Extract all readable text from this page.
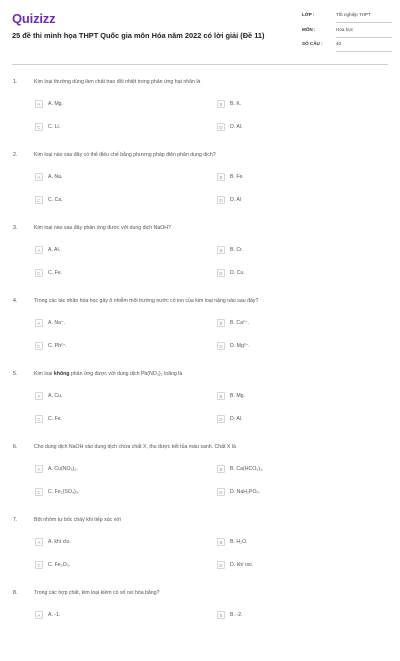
Quizizz
25 đề thi minh họa THPT Quốc gia môn Hóa năm 2022 có lời giải (Đề 11)
LỚP :	Tốt nghiệp THPT
MÔN :	Hóa học
SỐ CÂU :	40
1.	Kim loại thường dùng làm chất trao đổi nhiệt trong phản ứng hạt nhân là
A	A. Mg.	B	B. K.
C	C. Li.	D	D. Al.
2.	Kim loại nào sau đây có thể điều chế bằng phương pháp điện phân dung dịch?
A	A. Na.	B	B. Fe.
C	C. Ca.	D	D. Al
3.	Kim loại nào sau đây phản ứng được với dung dịch NaOH?
A	A. Al.	B	B. Cr.
C	C. Fe.	D	D. Cu.
4.	Trong các tác nhân hóa học gây ô nhiễm môi trường nước có ion của kim loại nặng nào sau đây?
A	A. Na⁺.	B	B. Ca²⁺.
C	C. Pb²⁺.	D	D. Mg²⁺.
5.	Kim loại không phản ứng được với dung dịch Pb(NO₃)₂ loãng là
A	A. Cu.	B	B. Mg.
C	C. Fe.	D	D. Al.
6.	Cho dung dịch NaOH vào dung dịch chứa chất X, thu được kết tủa màu xanh. Chất X là
A	A. Cu(NO₃)₂.	B	B. Ca(HCO₃)₂.
C	C. Fe₂(SO₄)₃.	D	D. NaH₂PO₄.
7.	Bột nhôm tự bốc cháy khi tiếp xúc với
A	A. khí clo.	B	B. H₂O.
C	C. Fe₂O₃.	D	D. khí oxi.
8.	Trong các hợp chất, kim loại kiềm có số oxi hóa bằng?
A	A. -1.	B	B. -2.
